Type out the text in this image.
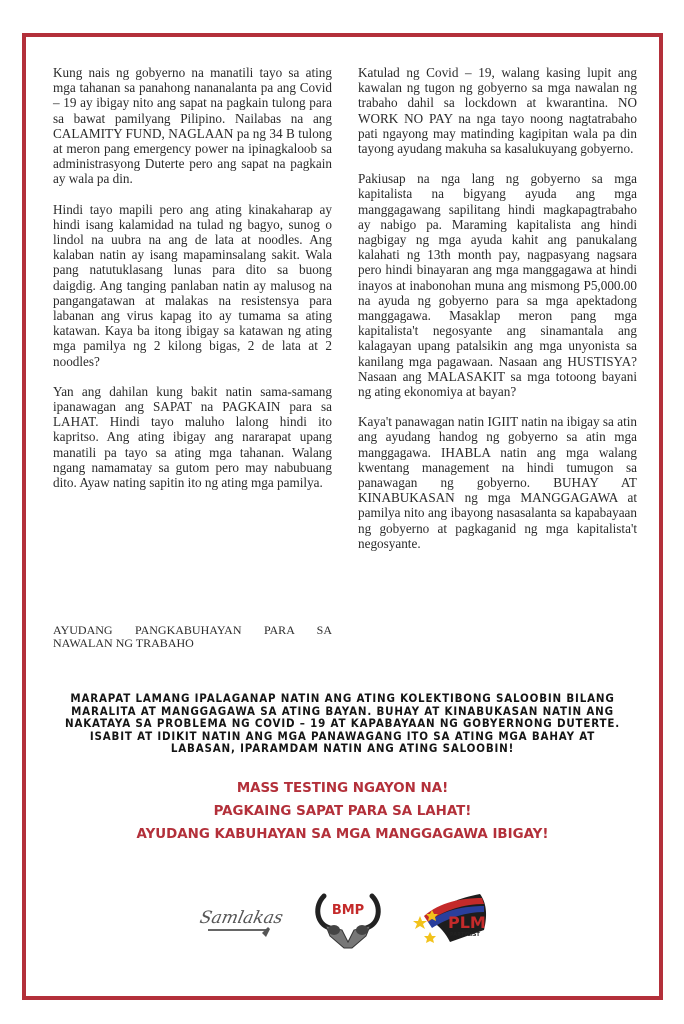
Kung nais ng gobyerno na manatili tayo sa ating mga tahanan sa panahong nananalanta pa ang Covid – 19 ay ibigay nito ang sapat na pagkain tulong para sa bawat pamilyang Pilipino. Nailabas na ang CALAMITY FUND, NAGLAAN pa ng 34 B tulong at meron pang emergency power na ipinagkaloob sa administrasyong Duterte pero ang sapat na pagkain ay wala pa din.

Hindi tayo mapili pero ang ating kinakaharap ay hindi isang kalamidad na tulad ng bagyo, sunog o lindol na uubra na ang de lata at noodles. Ang kalaban natin ay isang mapaminsalang sakit. Wala pang natutuklasang lunas para dito sa buong daigdig. Ang tanging panlaban natin ay malusog na pangangatawan at malakas na resistensya para labanan ang virus kapag ito ay tumama sa ating katawan. Kaya ba itong ibigay sa katawan ng ating mga pamilya ng 2 kilong bigas, 2 de lata at 2 noodles?

Yan ang dahilan kung bakit natin sama-samang ipanawagan ang SAPAT na PAGKAIN para sa LAHAT. Hindi tayo maluho lalong hindi ito kapritso. Ang ating ibigay ang nararapat upang manatili pa tayo sa ating mga tahanan. Walang ngang namamatay sa gutom pero may nabubuang dito. Ayaw nating sapitin ito ng ating mga pamilya.

AYUDANG PANGKABUHAYAN PARA SA
NAWALAN NG TRABAHO

Katulad ng Covid – 19, walang kasing lupit ang kawalan ng tugon ng gobyerno sa mga nawalan ng trabaho dahil sa lockdown at kwarantina. NO WORK NO PAY na nga tayo noong nagtatrabaho pati ngayong may matinding kagipitan wala pa din tayong ayudang makuha sa kasalukuyang gobyerno.

Pakiusap na nga lang ng gobyerno sa mga kapitalista na bigyang ayuda ang mga manggagawang sapilitang hindi magkapagtrabaho ay nabigo pa. Maraming kapitalista ang hindi nagbigay ng mga ayuda kahit ang panukalang kalahati ng 13th month pay, nagpasyang nagsara pero hindi binayaran ang mga manggagawa at hindi inayos at inabonohan muna ang mismong P5,000.00 na ayuda ng gobyerno para sa mga apektadong manggagawa. Masaklap meron pang mga kapitalista't negosyante ang sinamantala ang kalagayan upang patalsikin ang mga unyonista sa kanilang mga pagawaan. Nasaan ang HUSTISYA? Nasaan ang MALASAKIT sa mga totoong bayani ng ating ekonomiya at bayan?

Kaya't panawagan natin IGIIT natin na ibigay sa atin ang ayudang handog ng gobyerno sa atin mga manggagawa. IHABLA natin ang mga walang kwentang management na hindi tumugon sa panawagan ng gobyerno. BUHAY AT KINABUKASAN ng mga MANGGAGAWA at pamilya nito ang ibayong nasasalanta sa kapabayaan ng gobyerno at pagkaganid ng mga kapitalista't negosyante.

MARAPAT LAMANG IPALAGANAP NATIN ANG ATING KOLEKTIBONG SALOOBIN BILANG
MARALITA AT MANGGAGAWA SA ATING BAYAN. BUHAY AT KINABUKASAN NATIN ANG
NAKATAYA SA PROBLEMA NG COVID – 19 AT KAPABAYAAN NG GOBYERNONG DUTERTE.
ISABIT AT IDIKIT NATIN ANG MGA PANAWAGANG ITO SA ATING MGA BAHAY AT
LABASAN, IPARAMDAM NATIN ANG ATING SALOOBIN!
MASS TESTING NGAYON NA!
PAGKAING SAPAT PARA SA LAHAT!
AYUDANG KABUHAYAN SA MGA MANGGAGAWA IBIGAY!
Samlakas	BMP
PLM
PARTYLIST
